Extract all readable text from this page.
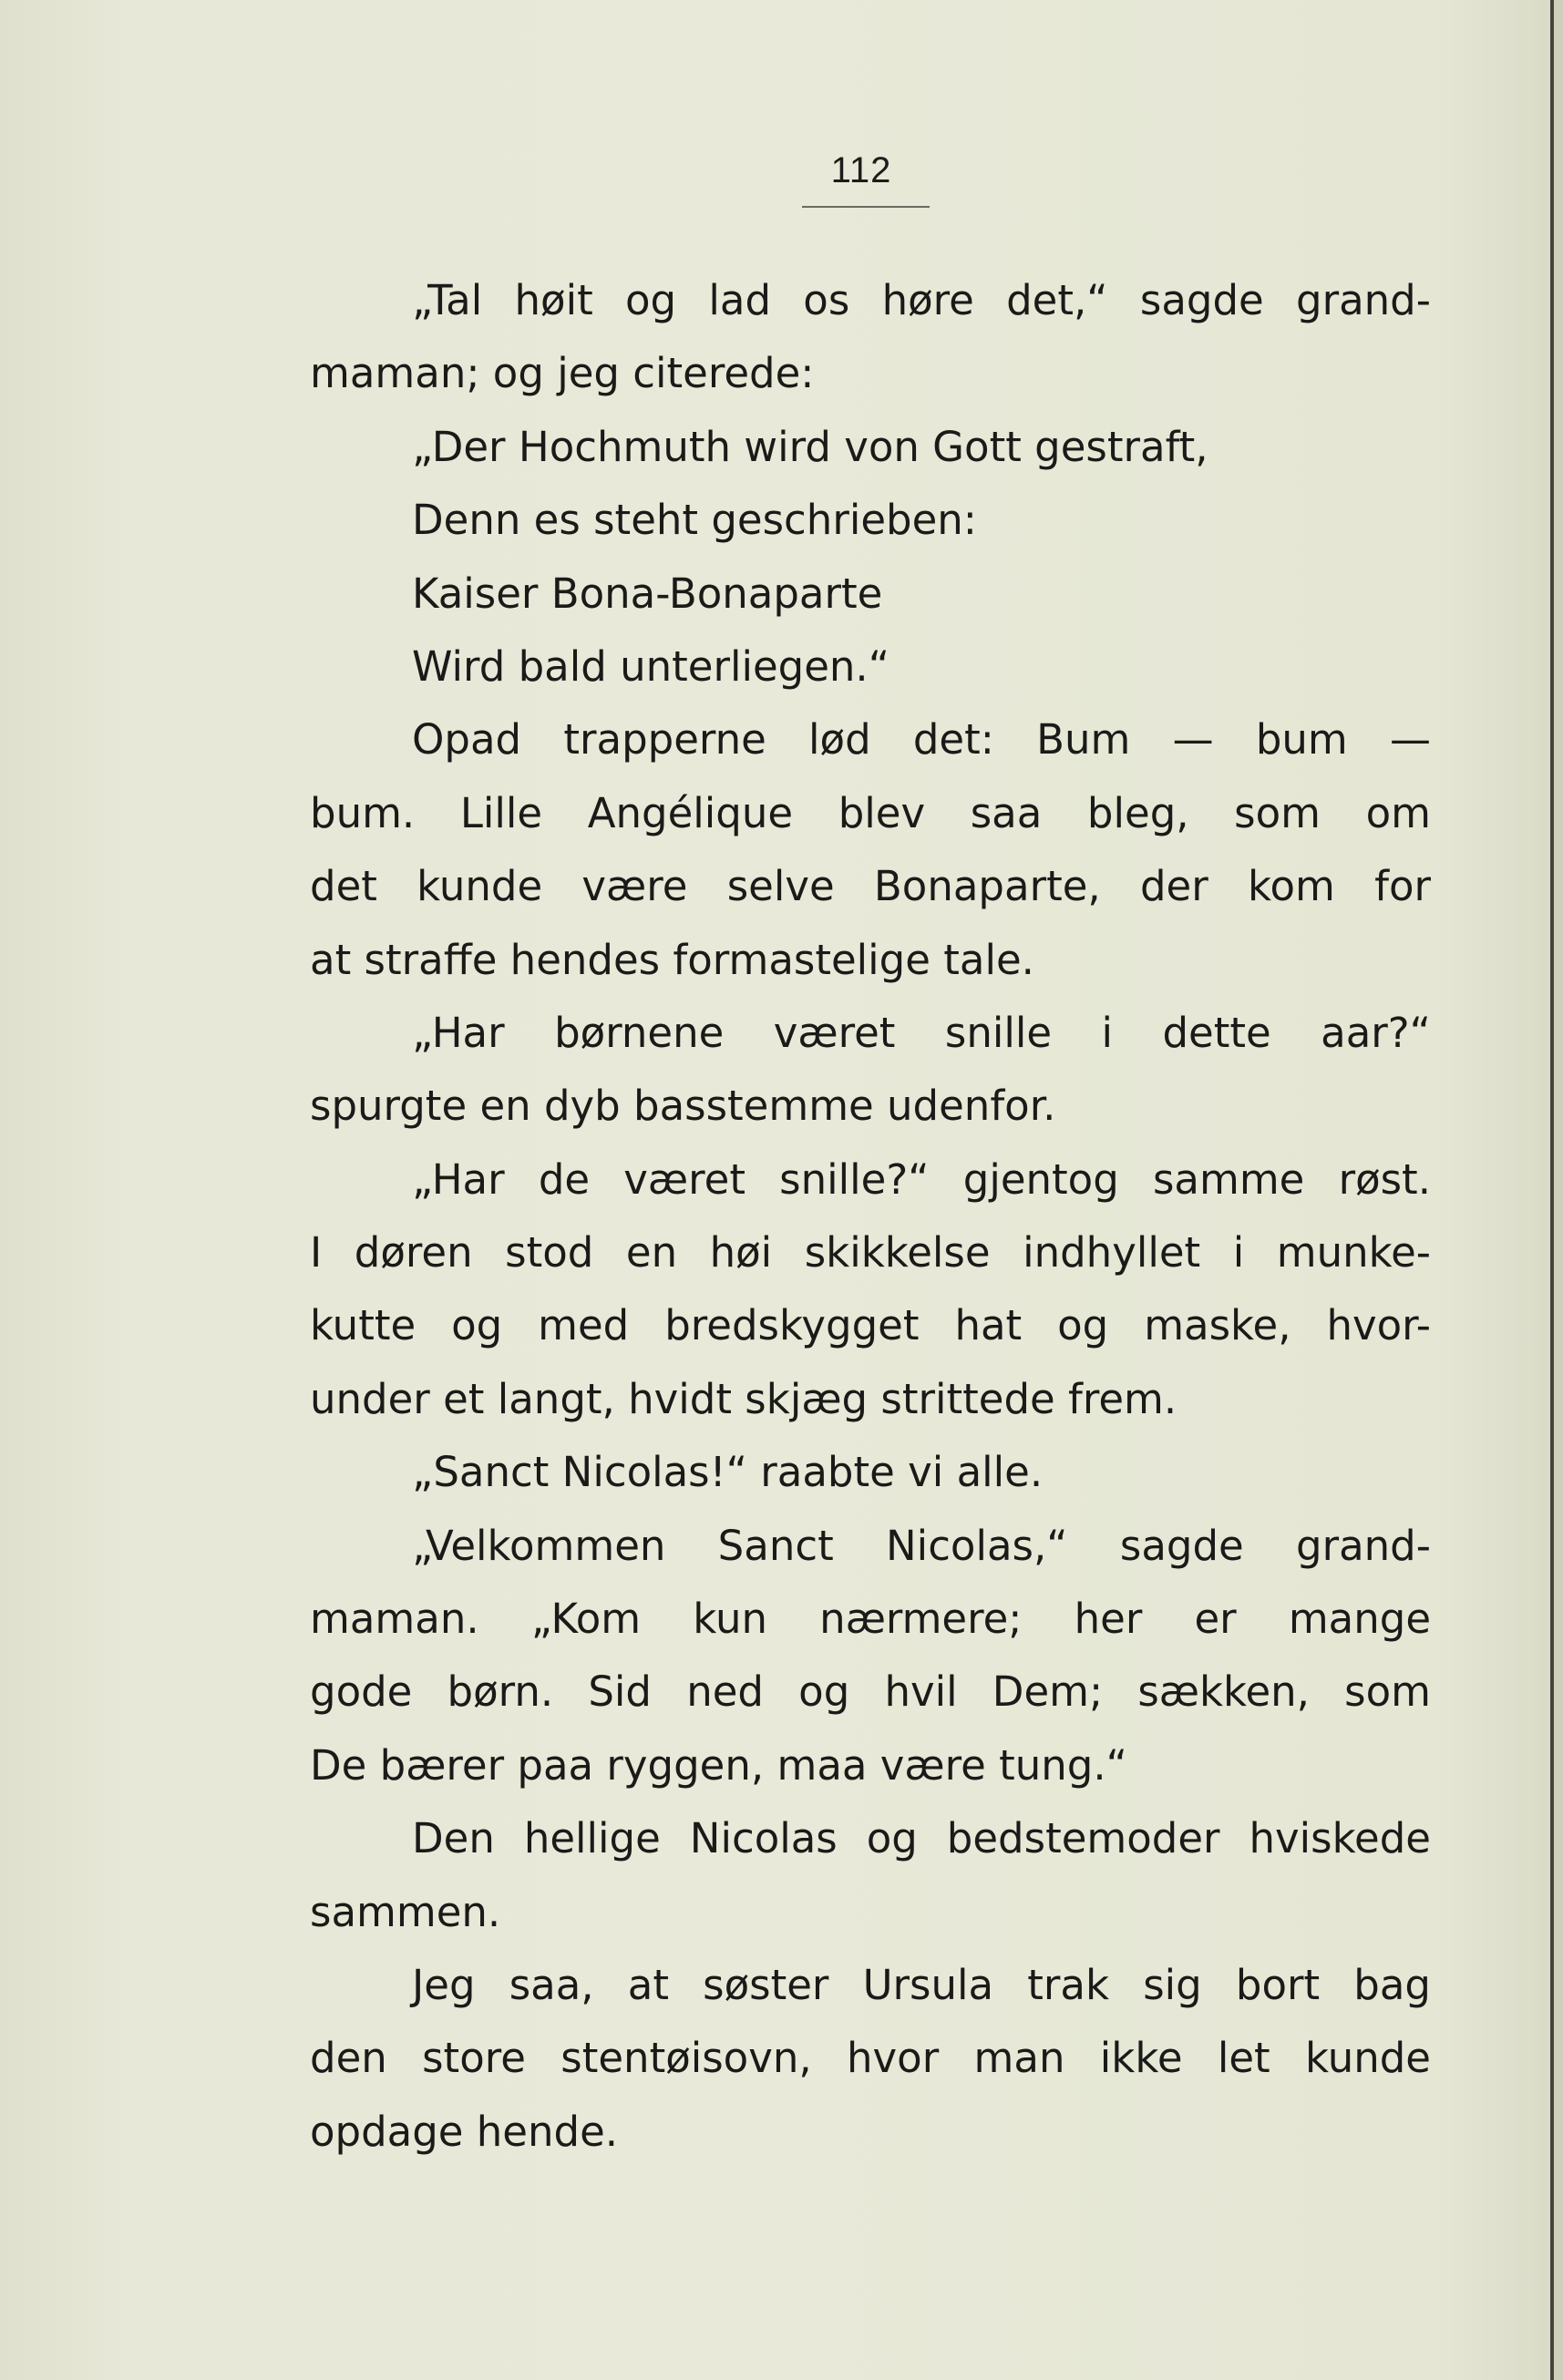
112
„Tal høit og lad os høre det,“ sagde grand-
maman; og jeg citerede:
„Der Hochmuth wird von Gott gestraft,
Denn es steht geschrieben:
Kaiser Bona-Bonaparte
Wird bald unterliegen.“
Opad trapperne lød det: Bum — bum —
bum. Lille Angélique blev saa bleg, som om
det kunde være selve Bonaparte, der kom for
at straffe hendes formastelige tale.
„Har børnene været snille i dette aar?“
spurgte en dyb basstemme udenfor.
„Har de været snille?“ gjentog samme røst.
I døren stod en høi skikkelse indhyllet i munke-
kutte og med bredskygget hat og maske, hvor-
under et langt, hvidt skjæg strittede frem.
„Sanct Nicolas!“ raabte vi alle.
„Velkommen Sanct Nicolas,“ sagde grand-
maman. „Kom kun nærmere; her er mange
gode børn. Sid ned og hvil Dem; sækken, som
De bærer paa ryggen, maa være tung.“
Den hellige Nicolas og bedstemoder hviskede
sammen.
Jeg saa, at søster Ursula trak sig bort bag
den store stentøisovn, hvor man ikke let kunde
opdage hende.
